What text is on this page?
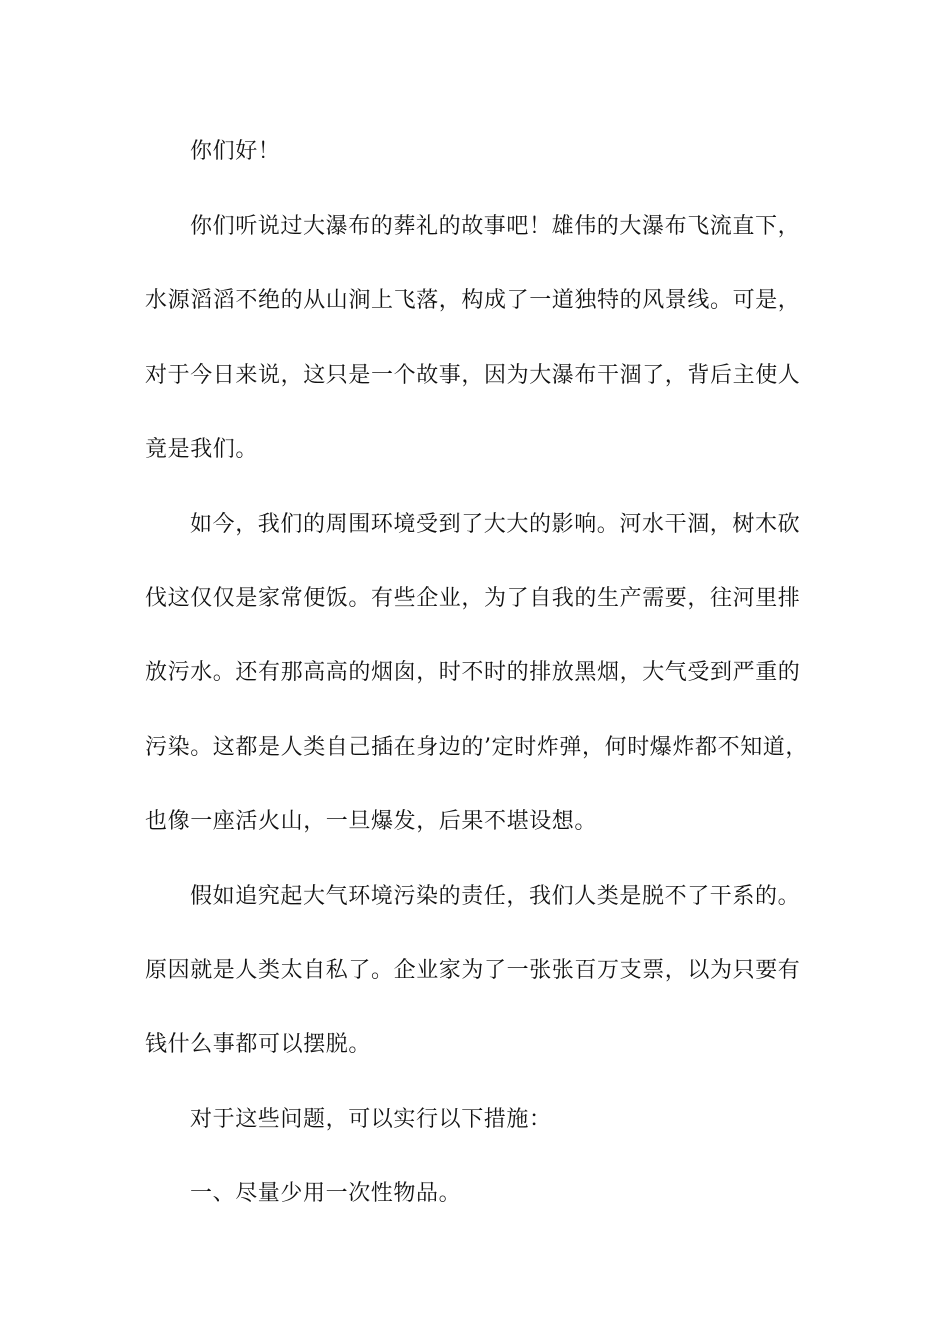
你们好！
你们听说过大瀑布的葬礼的故事吧！雄伟的大瀑布飞流直下，
水源滔滔不绝的从山涧上飞落，构成了一道独特的风景线。可是，
对于今日来说，这只是一个故事，因为大瀑布干涸了，背后主使人
竟是我们。
如今，我们的周围环境受到了大大的影响。河水干涸，树木砍
伐这仅仅是家常便饭。有些企业，为了自我的生产需要，往河里排
放污水。还有那高高的烟囱，时不时的排放黑烟，大气受到严重的
污染。这都是人类自己插在身边的’定时炸弹，何时爆炸都不知道，
也像一座活火山，一旦爆发，后果不堪设想。
假如追究起大气环境污染的责任，我们人类是脱不了干系的。
原因就是人类太自私了。企业家为了一张张百万支票，以为只要有
钱什么事都可以摆脱。
对于这些问题，可以实行以下措施：
一、尽量少用一次性物品。
